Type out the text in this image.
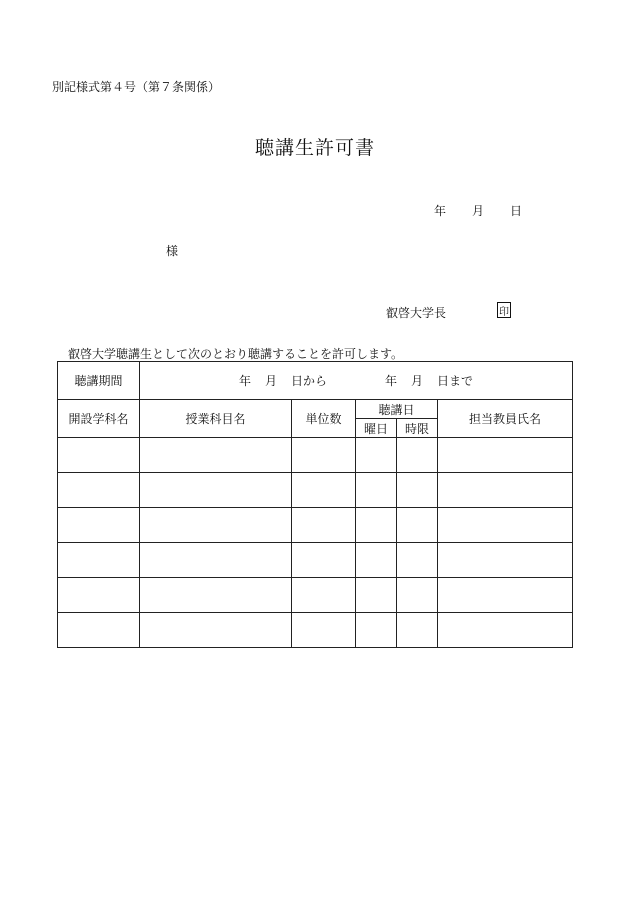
別記様式第４号（第７条関係）
聴講生許可書
年 月 日
様
叡啓大学長	印
叡啓大学聴講生として次のとおり聴講することを許可します。
聴講期間	年 月 日から 年 月 日まで				
開設学科名	授業科目名	単位数	聴講日		担当教員氏名
			曜日	時限	
